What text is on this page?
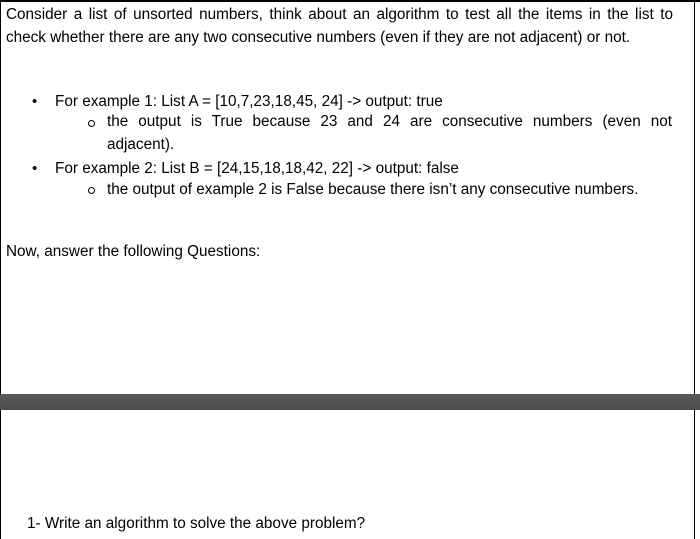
Consider a list of unsorted numbers, think about an algorithm to test all the items in the list to check whether there are any two consecutive numbers (even if they are not adjacent) or not.

• For example 1: List A = [10,7,23,18,45, 24] -> output: true

the output is True because 23 and 24 are consecutive numbers (even not adjacent).

• For example 2: List B = [24,15,18,18,42, 22] -> output: false

the output of example 2 is False because there isn’t any consecutive numbers.

Now, answer the following Questions:
1- Write an algorithm to solve the above problem?
